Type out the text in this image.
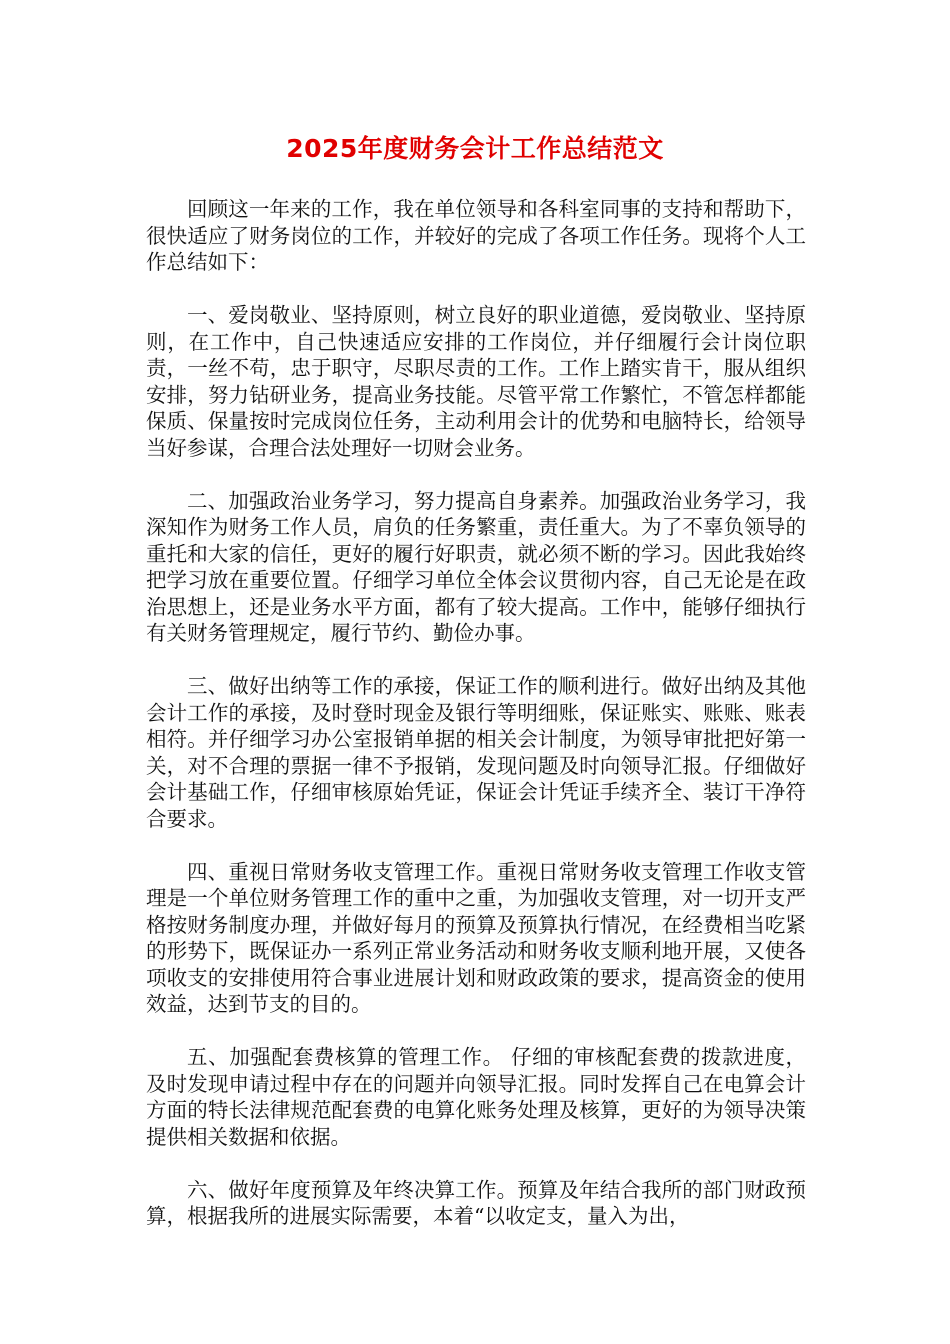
2025年度财务会计工作总结范文

回顾这一年来的工作，我在单位领导和各科室同事的支持和帮助下，很快适应了财务岗位的工作，并较好的完成了各项工作任务。现将个人工作总结如下：

一、爱岗敬业、坚持原则，树立良好的职业道德，爱岗敬业、坚持原则，在工作中，自己快速适应安排的工作岗位，并仔细履行会计岗位职责，一丝不苟，忠于职守，尽职尽责的工作。工作上踏实肯干，服从组织安排，努力钻研业务，提高业务技能。尽管平常工作繁忙，不管怎样都能保质、保量按时完成岗位任务，主动利用会计的优势和电脑特长，给领导当好参谋，合理合法处理好一切财会业务。

二、加强政治业务学习，努力提高自身素养。加强政治业务学习，我深知作为财务工作人员，肩负的任务繁重，责任重大。为了不辜负领导的重托和大家的信任，更好的履行好职责，就必须不断的学习。因此我始终把学习放在重要位置。仔细学习单位全体会议贯彻内容，自己无论是在政治思想上，还是业务水平方面，都有了较大提高。工作中，能够仔细执行有关财务管理规定，履行节约、勤俭办事。

三、做好出纳等工作的承接，保证工作的顺利进行。做好出纳及其他会计工作的承接，及时登时现金及银行等明细账，保证账实、账账、账表相符。并仔细学习办公室报销单据的相关会计制度，为领导审批把好第一关，对不合理的票据一律不予报销，发现问题及时向领导汇报。仔细做好会计基础工作，仔细审核原始凭证，保证会计凭证手续齐全、装订干净符合要求。

四、重视日常财务收支管理工作。重视日常财务收支管理工作收支管理是一个单位财务管理工作的重中之重，为加强收支管理，对一切开支严格按财务制度办理，并做好每月的预算及预算执行情况，在经费相当吃紧的形势下，既保证办一系列正常业务活动和财务收支顺利地开展，又使各项收支的安排使用符合事业进展计划和财政政策的要求，提高资金的使用效益，达到节支的目的。

五、加强配套费核算的管理工作。 仔细的审核配套费的拨款进度，及时发现申请过程中存在的问题并向领导汇报。同时发挥自己在电算会计方面的特长法律规范配套费的电算化账务处理及核算，更好的为领导决策提供相关数据和依据。

六、做好年度预算及年终决算工作。预算及年结合我所的部门财政预算，根据我所的进展实际需要，本着“以收定支，量入为出，
